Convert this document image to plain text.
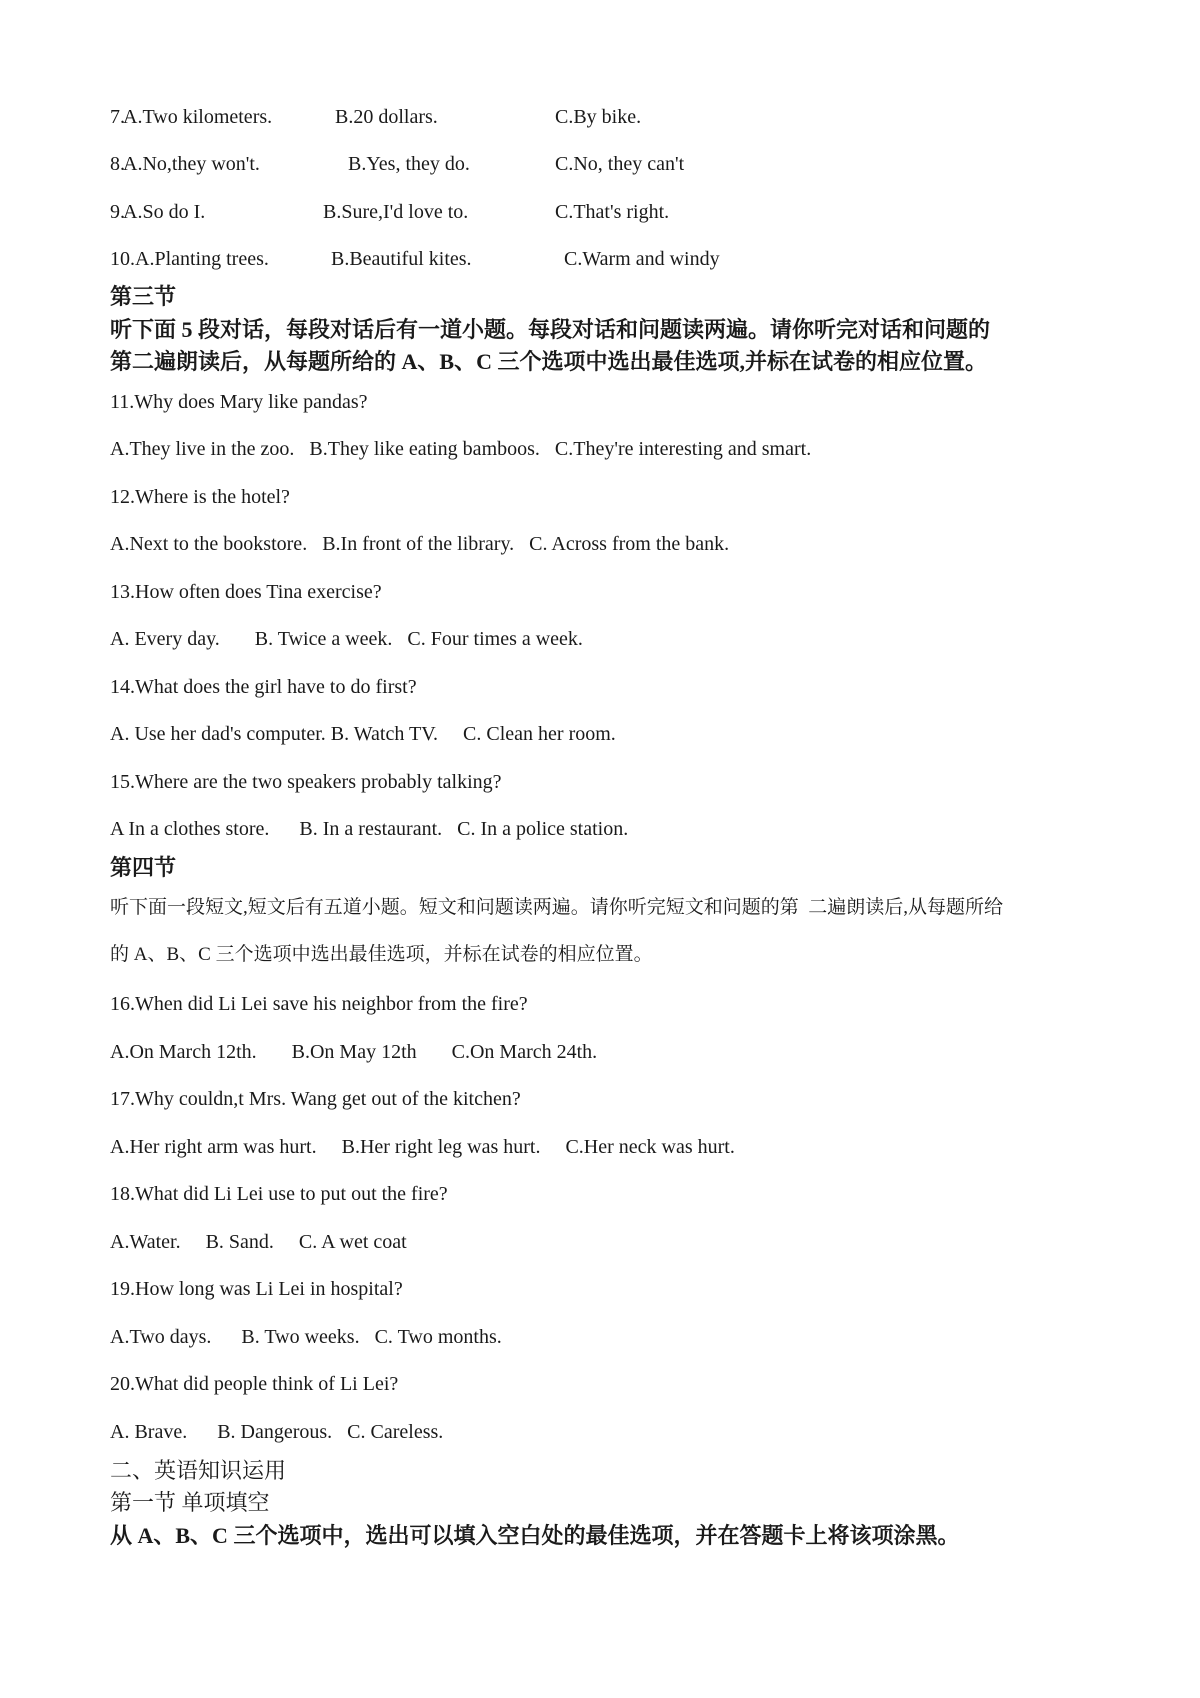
7.
A.Two kilometers.	B.20 dollars.	C.By bike.
8.
A.No,they won't.	B.Yes, they do.	C.No, they can't
9.
A.So do I.	B.Sure,I'd love to.	C.That's right.
10. A.Planting trees.	B.Beautiful kites.	C.Warm and windy
第三节
听下面 5 段对话，每段对话后有一道小题。每段对话和问题读两遍。请你听完对话和问题的
第二遍朗读后，从每题所给的 A、B、C 三个选项中选出最佳选项,并标在试卷的相应位置。
11.Why does Mary like pandas?
A.They live in the zoo.   B.They like eating bamboos.   C.They're interesting and smart.
12.Where is the hotel?
A.Next to the bookstore.   B.In front of the library.   C. Across from the bank.
13.How often does Tina exercise?
A. Every day.       B. Twice a week.   C. Four times a week.
14.What does the girl have to do first?
A. Use her dad's computer. B. Watch TV.     C. Clean her room.
15.Where are the two speakers probably talking?
A In a clothes store.      B. In a restaurant.   C. In a police station.
第四节
听下面一段短文,短文后有五道小题。短文和问题读两遍。请你听完短文和问题的第  二遍朗读后,从每题所给
的 A、B、C 三个选项中选出最佳选项，并标在试卷的相应位置。
16.When did Li Lei save his neighbor from the fire?
A.On March 12th.       B.On May 12th       C.On March 24th.
17.Why couldn,t Mrs. Wang get out of the kitchen?
A.Her right arm was hurt.     B.Her right leg was hurt.     C.Her neck was hurt.
18.What did Li Lei use to put out the fire?
A.Water.     B. Sand.     C. A wet coat
19.How long was Li Lei in hospital?
A.Two days.      B. Two weeks.   C. Two months.
20.What did people think of Li Lei?
A. Brave.      B. Dangerous.   C. Careless.
二、英语知识运用
第一节 单项填空
从 A、B、C 三个选项中，选出可以填入空白处的最佳选项，并在答题卡上将该项涂黑。
